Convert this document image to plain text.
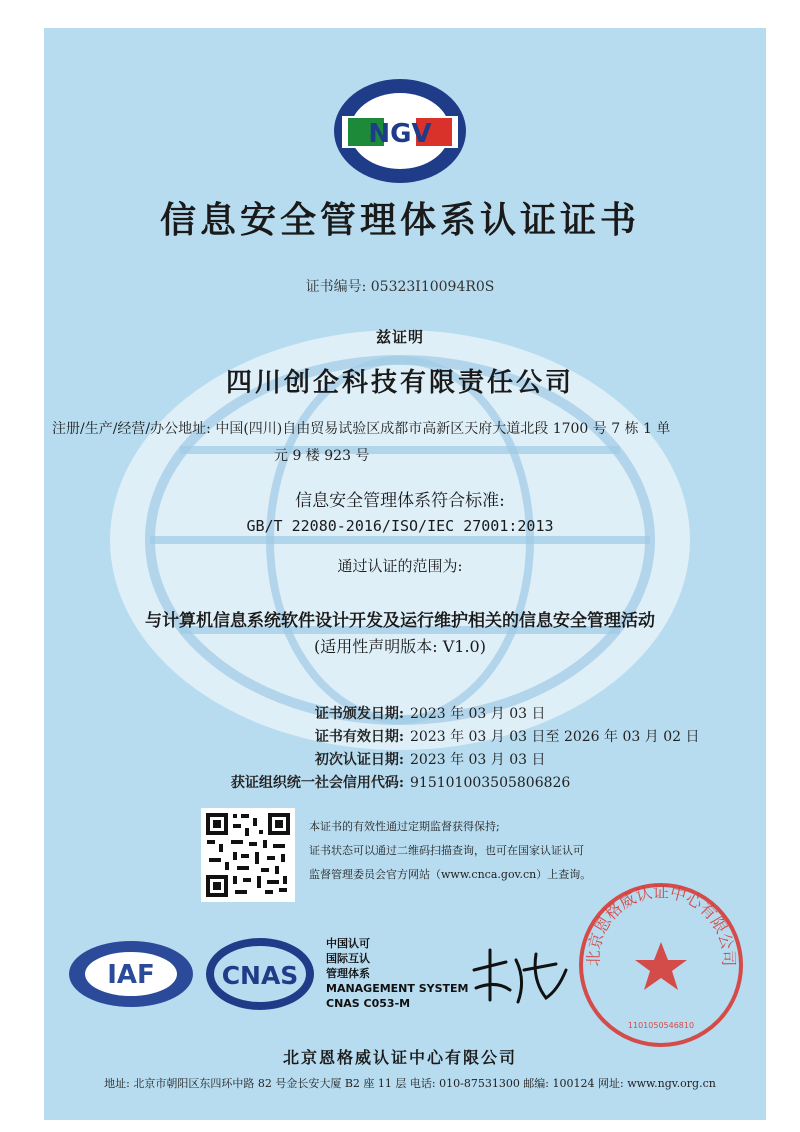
NGV
信息安全管理体系认证证书
证书编号: 05323I10094R0S
兹证明
四川创企科技有限责任公司
注册/生产/经营/办公地址: 中国(四川)自由贸易试验区成都市高新区天府大道北段 1700 号 7 栋 1 单
元 9 楼 923 号
信息安全管理体系符合标准:
GB/T 22080-2016/ISO/IEC 27001:2013
通过认证的范围为:
与计算机信息系统软件设计开发及运行维护相关的信息安全管理活动
(适用性声明版本: V1.0)
证书颁发日期: 2023 年 03 月 03 日
证书有效日期: 2023 年 03 月 03 日至 2026 年 03 月 02 日
初次认证日期: 2023 年 03 月 03 日
获证组织统一社会信用代码: 915101003505806826
本证书的有效性通过定期监督获得保持;
证书状态可以通过二维码扫描查询，也可在国家认证认可
监督管理委员会官方网站（www.cnca.gov.cn）上查询。
IAF	CNAS
中国认可
国际互认
管理体系
MANAGEMENT SYSTEM
CNAS C053-M
北京恩格威认证中心有限公司
1101050546810
北京恩格威认证中心有限公司
地址: 北京市朝阳区东四环中路 82 号金长安大厦 B2 座 11 层 电话: 010-87531300 邮编: 100124 网址: www.ngv.org.cn
